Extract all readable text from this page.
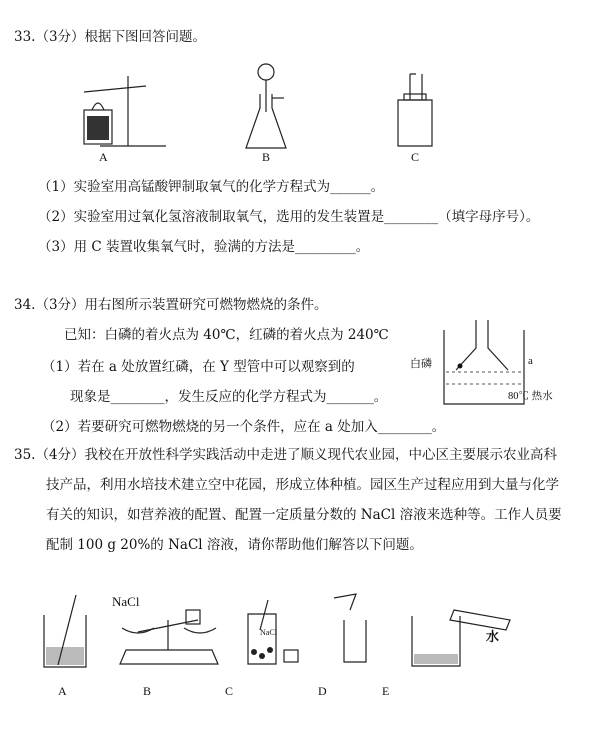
33.（3分）根据下图回答问题。
A	B	C
（1）实验室用高锰酸钾制取氧气的化学方程式为______。
（2）实验室用过氧化氢溶液制取氧气，选用的发生装置是________（填字母序号）。
（3）用 C 装置收集氧气时，验满的方法是_________。
34.（3分）用右图所示装置研究可燃物燃烧的条件。
已知：白磷的着火点为 40℃，红磷的着火点为 240℃
（1）若在 a 处放置红磷，在 Y 型管中可以观察到的
现象是________，发生反应的化学方程式为_______。
（2）若要研究可燃物燃烧的另一个条件，应在 a 处加入________。
白磷	a
80℃ 热水
35.（4分）我校在开放性科学实践活动中走进了顺义现代农业园，中心区主要展示农业高科
技产品，利用水培技术建立空中花园，形成立体种植。园区生产过程应用到大量与化学
有关的知识，如营养液的配置、配置一定质量分数的 NaCl 溶液来选种等。工作人员要
配制 100 g 20%的 NaCl 溶液，请你帮助他们解答以下问题。
A
NaCl
B
NaCl
C	D
水
E
